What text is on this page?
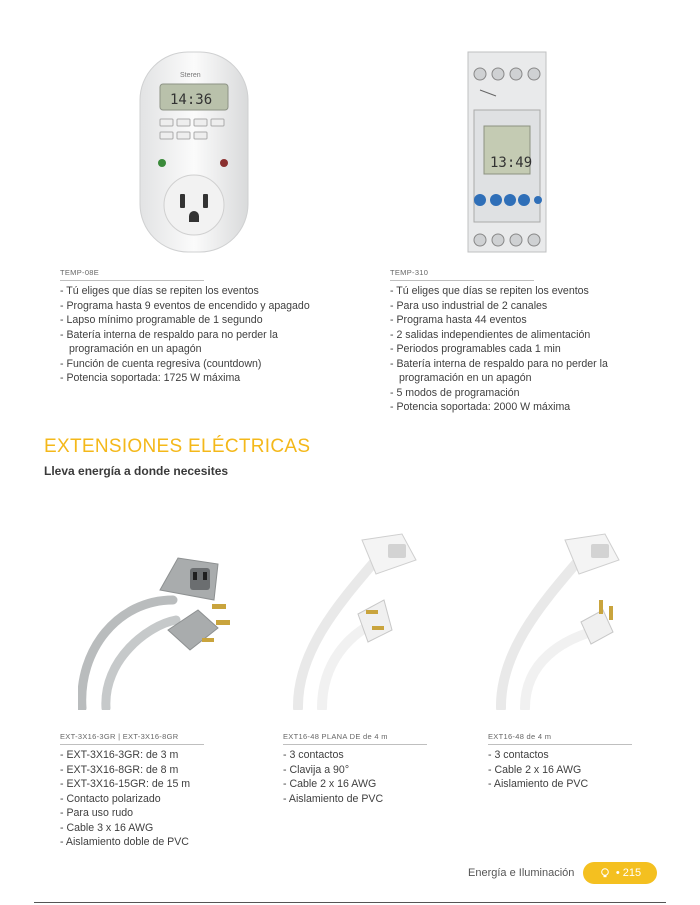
Steren
14:36
13:49
TEMP-08E
- Tú eliges que días se repiten los eventos
- Programa hasta 9 eventos de encendido y apagado
- Lapso mínimo programable de 1 segundo
- Batería interna de respaldo para no perder la programación en un apagón
- Función de cuenta regresiva (countdown)
- Potencia soportada: 1725 W máxima
TEMP-310
- Tú eliges que días se repiten los eventos
- Para uso industrial de 2 canales
- Programa hasta 44 eventos
- 2 salidas independientes de alimentación
- Periodos programables cada 1 min
- Batería interna de respaldo para no perder la programación en un apagón
- 5 modos de programación
- Potencia soportada: 2000 W máxima
EXTENSIONES ELÉCTRICAS
Lleva energía a donde necesites
EXT-3X16-3GR | EXT-3X16-8GR
- EXT-3X16-3GR: de 3 m
- EXT-3X16-8GR: de 8 m
- EXT-3X16-15GR: de 15 m
- Contacto polarizado
- Para uso rudo
- Cable 3 x 16 AWG
- Aislamiento doble de PVC
EXT16-48 PLANA DE de 4 m
- 3 contactos
- Clavija a 90°
- Cable 2 x 16 AWG
- Aislamiento de PVC
EXT16-48 de 4 m
- 3 contactos
- Cable 2 x 16 AWG
- Aislamiento de PVC
Energía e Iluminación	• 215
